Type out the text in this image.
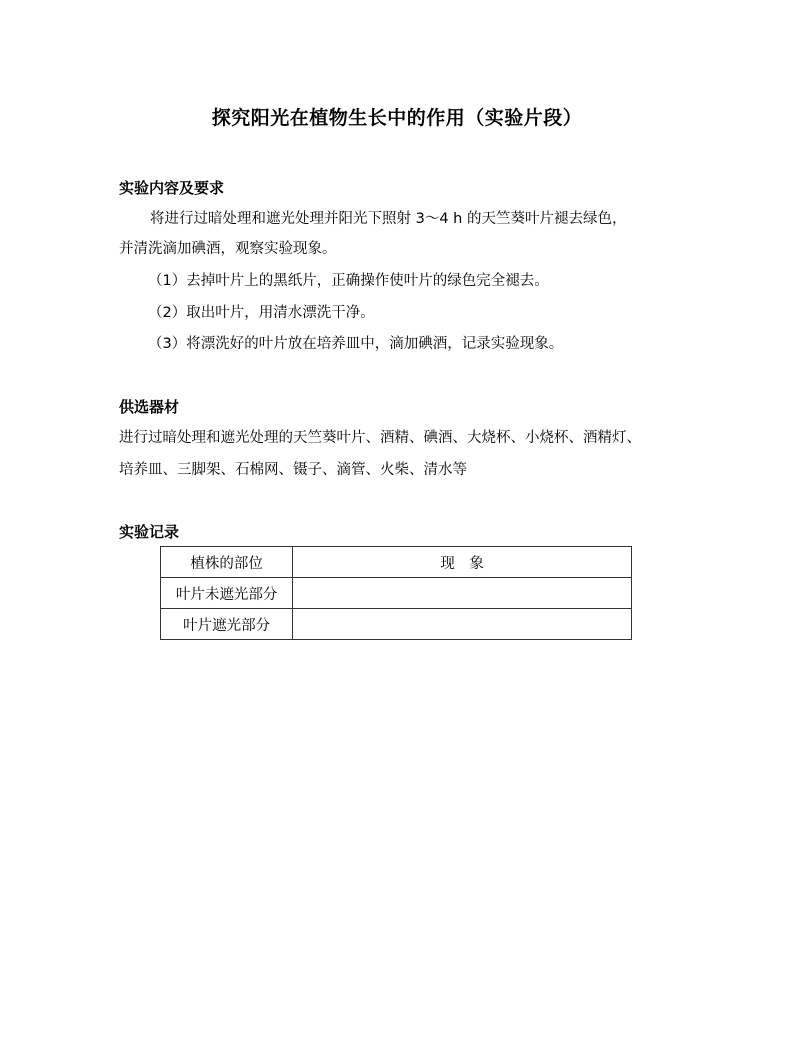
探究阳光在植物生长中的作用（实验片段）
实验内容及要求
将进行过暗处理和遮光处理并阳光下照射 3～4 h 的天竺葵叶片褪去绿色，
并清洗滴加碘酒，观察实验现象。
（1）去掉叶片上的黑纸片，正确操作使叶片的绿色完全褪去。
（2）取出叶片，用清水漂洗干净。
（3）将漂洗好的叶片放在培养皿中，滴加碘酒，记录实验现象。
供选器材
进行过暗处理和遮光处理的天竺葵叶片、酒精、碘酒、大烧杯、小烧杯、酒精灯、
培养皿、三脚架、石棉网、镊子、滴管、火柴、清水等
实验记录
植株的部位	现　象
叶片未遮光部分	
叶片遮光部分	
